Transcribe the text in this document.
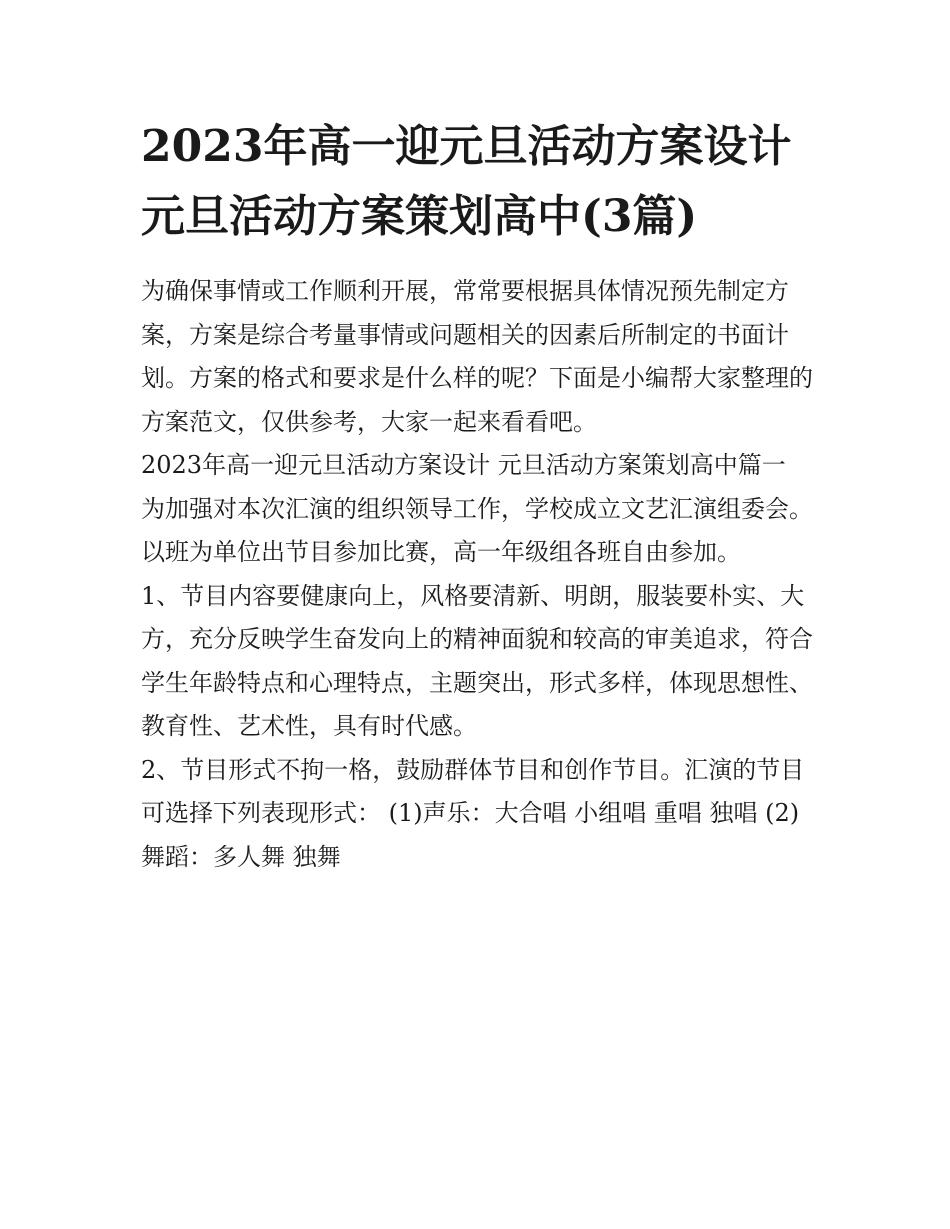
2023年高一迎元旦活动方案设计 元旦活动方案策划高中(3篇)

为确保事情或工作顺利开展，常常要根据具体情况预先制定方案，方案是综合考量事情或问题相关的因素后所制定的书面计划。方案的格式和要求是什么样的呢？下面是小编帮大家整理的方案范文，仅供参考，大家一起来看看吧。

2023年高一迎元旦活动方案设计 元旦活动方案策划高中篇一

为加强对本次汇演的组织领导工作，学校成立文艺汇演组委会。

以班为单位出节目参加比赛，高一年级组各班自由参加。

1、节目内容要健康向上，风格要清新、明朗，服装要朴实、大方，充分反映学生奋发向上的精神面貌和较高的审美追求，符合学生年龄特点和心理特点，主题突出，形式多样，体现思想性、教育性、艺术性，具有时代感。

2、节目形式不拘一格，鼓励群体节目和创作节目。汇演的节目可选择下列表现形式： (1)声乐：大合唱 小组唱 重唱 独唱 (2)舞蹈：多人舞 独舞
